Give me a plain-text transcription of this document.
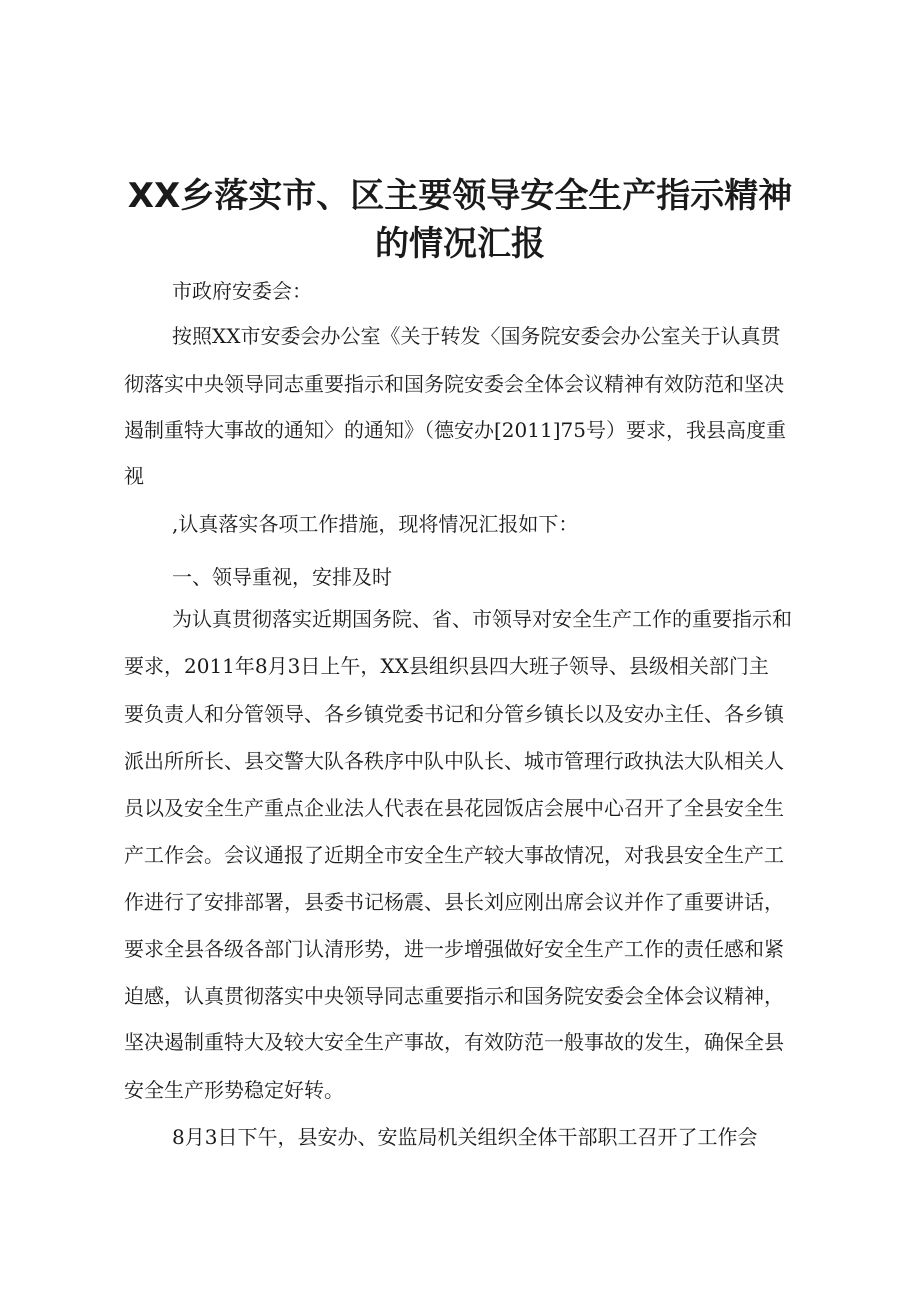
XX乡落实市、区主要领导安全生产指示精神
的情况汇报

市政府安委会：

按照XX市安委会办公室《关于转发〈国务院安委会办公室关于认真贯

彻落实中央领导同志重要指示和国务院安委会全体会议精神有效防范和坚决

遏制重特大事故的通知〉的通知》（德安办[2011]75号）要求，我县高度重

视

,认真落实各项工作措施，现将情况汇报如下：

一、领导重视，安排及时

为认真贯彻落实近期国务院、省、市领导对安全生产工作的重要指示和

要求，2011年8月3日上午，XX县组织县四大班子领导、县级相关部门主

要负责人和分管领导、各乡镇党委书记和分管乡镇长以及安办主任、各乡镇

派出所所长、县交警大队各秩序中队中队长、城市管理行政执法大队相关人

员以及安全生产重点企业法人代表在县花园饭店会展中心召开了全县安全生

产工作会。会议通报了近期全市安全生产较大事故情况，对我县安全生产工

作进行了安排部署，县委书记杨震、县长刘应刚出席会议并作了重要讲话，

要求全县各级各部门认清形势，进一步增强做好安全生产工作的责任感和紧

迫感，认真贯彻落实中央领导同志重要指示和国务院安委会全体会议精神，

坚决遏制重特大及较大安全生产事故，有效防范一般事故的发生，确保全县

安全生产形势稳定好转。

8月3日下午，县安办、安监局机关组织全体干部职工召开了工作会
